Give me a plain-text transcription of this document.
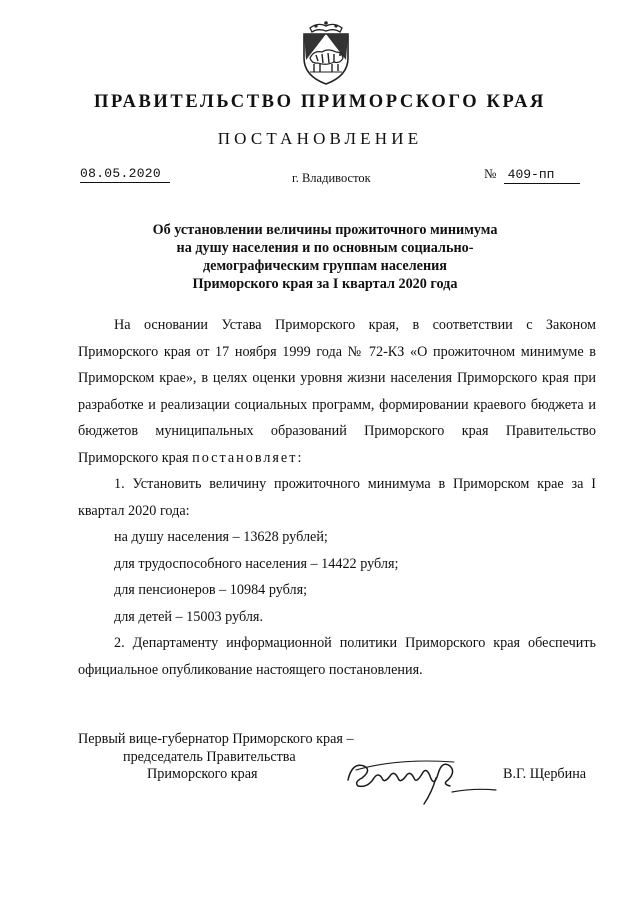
ПРАВИТЕЛЬСТВО ПРИМОРСКОГО КРАЯ
ПОСТАНОВЛЕНИЕ
08.05.2020	г. Владивосток	№ 409-пп
Об установлении величины прожиточного минимума
на душу населения и по основным социально-
демографическим группам населения
Приморского края за I квартал 2020 года
На основании Устава Приморского края, в соответствии с Законом Приморского края от 17 ноября 1999 года № 72-КЗ «О прожиточном минимуме в Приморском крае», в целях оценки уровня жизни населения Приморского края при разработке и реализации социальных программ, формировании краевого бюджета и бюджетов муниципальных образований Приморского края Правительство Приморского края постановляет:
1. Установить величину прожиточного минимума в Приморском крае за I квартал 2020 года:
на душу населения – 13628 рублей;
для трудоспособного населения – 14422 рубля;
для пенсионеров – 10984 рубля;
для детей – 15003 рубля.
2. Департаменту информационной политики Приморского края обеспечить официальное опубликование настоящего постановления.
Первый вице-губернатор Приморского края –
председатель Правительства
Приморского края	В.Г. Щербина
